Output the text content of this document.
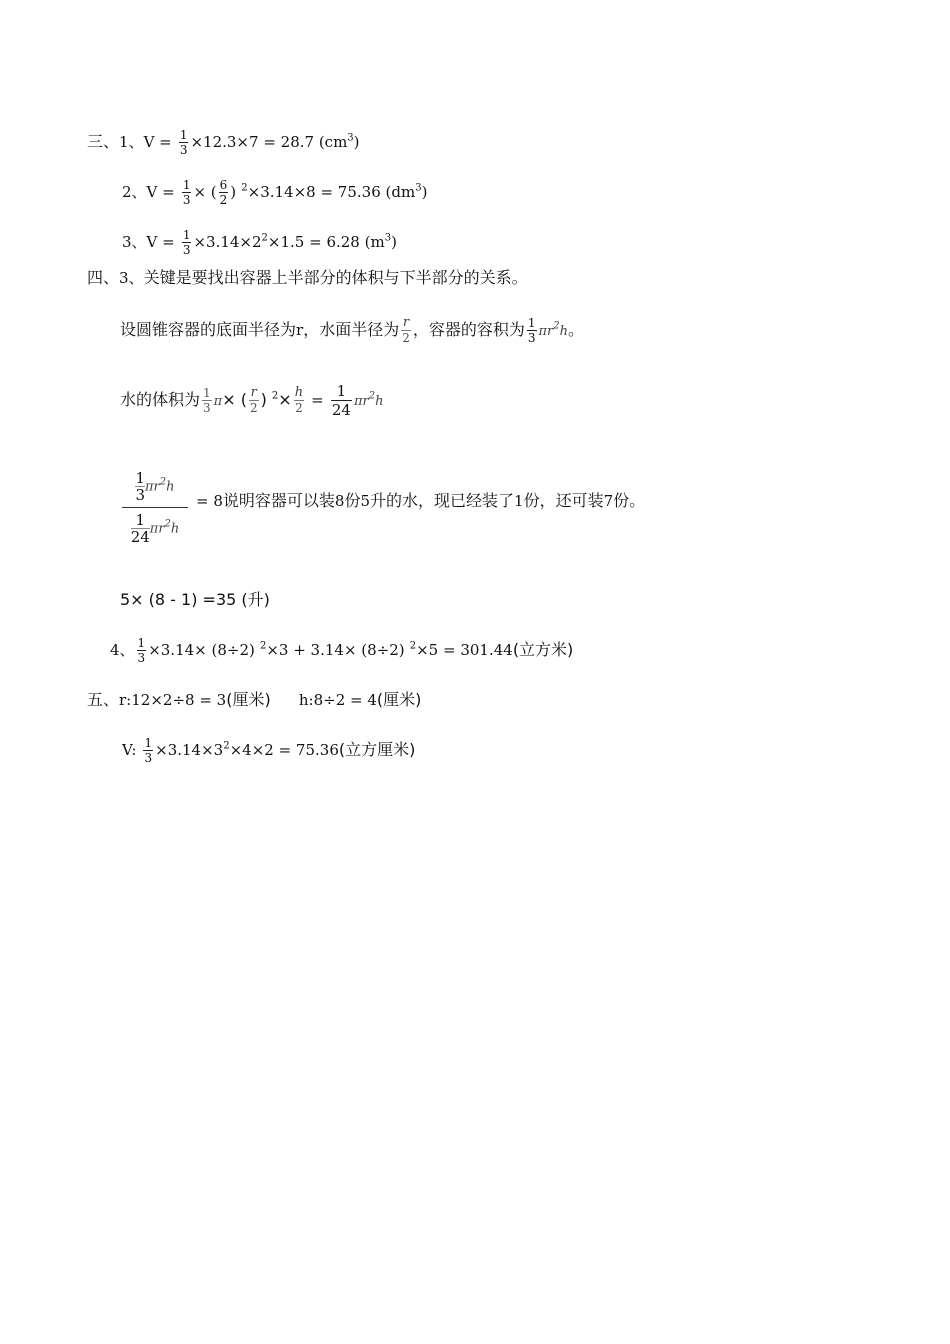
三、1、$V = \frac{1}{3} \times 12.3\times 7 = 28.7$ $(cm^3)$
2、$V = \frac{1}{3}$ × ( $\frac{6}{2}$ ) $^2$×3.14×8 = 75.36 $(dm^3)$
3、$V = \frac{1}{3} \times 3.14\times 2^2\times 1.5 = 6.28$ $(m^3)$
四、3、关键是要找出容器上半部分的体积与下半部分的关系。
设圆锥容器的底面半径为r，水面半径为 $\frac{r}{2}$ ，容器的容积为 $\frac{1}{3} \pi r^2h$。
水的体积为 $\frac{1}{3} \pi\times$ ( $\frac{r}{2}$ ) $^2\times \frac{h}{2} = \frac{1}{24} \pi r^2h$
$\frac{1}{3} \pi r^2h$
$\frac{1}{24} \pi r^2h$
= 8说明容器可以装8份5升的水，现已经装了1份，还可装7份。
5× (8 - 1) =35 (升)
4、 $\frac{1}{3} \times 3.14\times (8\div 2) ^2\times 3 + 3.14\times (8\div 2) ^2\times 5 = 301.44$(立方米)
五、r:12×2÷8 = 3(厘米) h:8÷2 = 4(厘米)
V: $\frac{1}{3} \times 3.14\times 3^2\times 4\times 2 = 75.36$(立方厘米)
